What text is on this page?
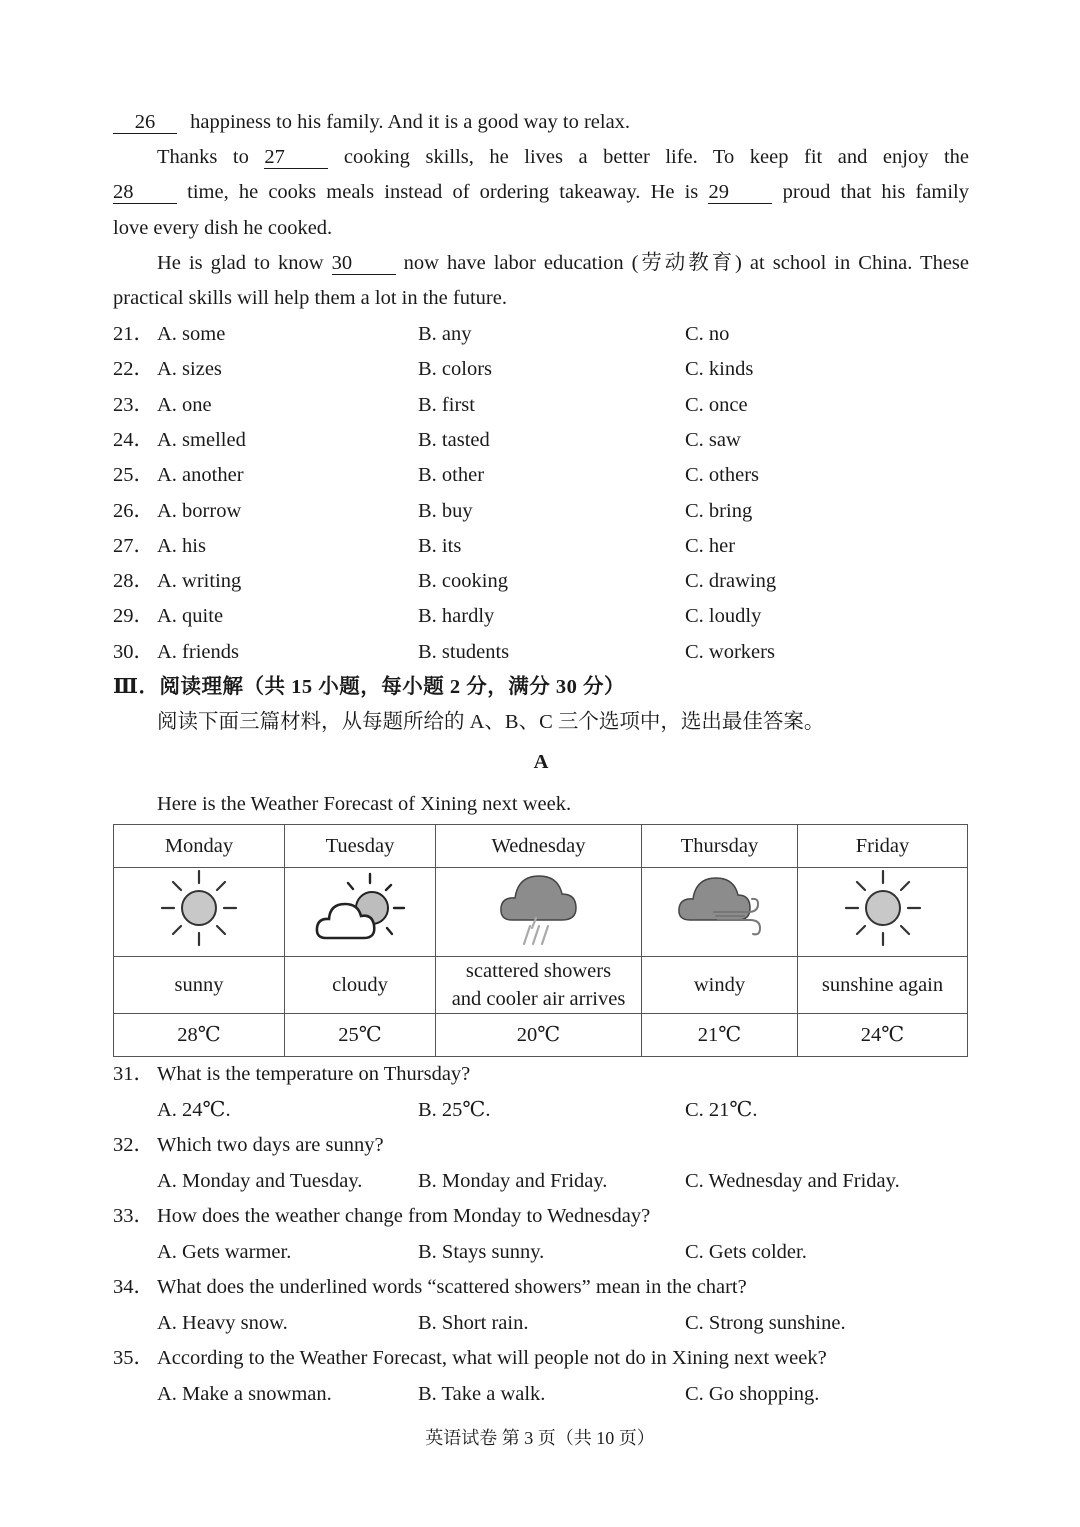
26 happiness to his family. And it is a good way to relax.
Thanks to 27	cooking skills, he lives a better life. To keep fit and enjoy the
28	time, he cooks meals instead of ordering takeaway. He is 29	proud that his family
love every dish he cooked.
He is glad to know 30	now have labor education (劳动教育) at school in China. These
practical skills will help them a lot in the future.
21． A. some	B. any	C. no
22． A. sizes	B. colors	C. kinds
23． A. one	B. first	C. once
24． A. smelled	B. tasted	C. saw
25． A. another	B. other	C. others
26． A. borrow	B. buy	C. bring
27． A. his	B. its	C. her
28． A. writing	B. cooking	C. drawing
29． A. quite	B. hardly	C. loudly
30． A. friends	B. students	C. workers
Ⅲ．阅读理解（共 15 小题，每小题 2 分，满分 30 分）
阅读下面三篇材料，从每题所给的 A、B、C 三个选项中，选出最佳答案。
A
Here is the Weather Forecast of Xining next week.
Monday	Tuesday	Wednesday	Thursday	Friday

sunny	cloudy	scattered showers
and cooler air arrives	windy	sunshine again
28℃	25℃	20℃	21℃	24℃
31． What is the temperature on Thursday?
A. 24℃.	B. 25℃.	C. 21℃.
32． Which two days are sunny?
A. Monday and Tuesday.	B. Monday and Friday.	C. Wednesday and Friday.
33． How does the weather change from Monday to Wednesday?
A. Gets warmer.	B. Stays sunny.	C. Gets colder.
34． What does the underlined words “scattered showers” mean in the chart?
A. Heavy snow.	B. Short rain.	C. Strong sunshine.
35． According to the Weather Forecast, what will people not do in Xining next week?
A. Make a snowman.	B. Take a walk.	C. Go shopping.
英语试卷 第 3 页（共 10 页）
